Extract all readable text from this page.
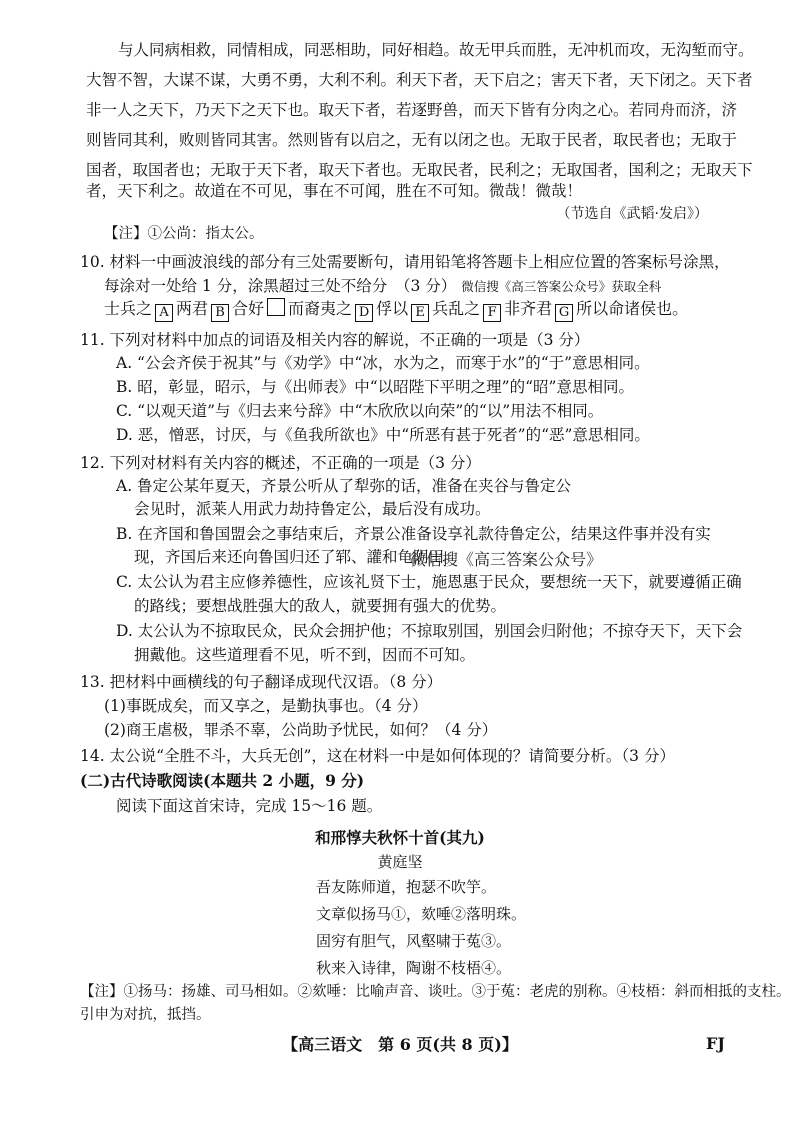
与人同病相救，同情相成，同恶相助，同好相趋。故无甲兵而胜，无冲机而攻，无沟堑而守。
大智不智，大谋不谋，大勇不勇，大利不利。利天下者，天下启之；害天下者，天下闭之。天下者
非一人之天下，乃天下之天下也。取天下者，若逐野兽，而天下皆有分肉之心。若同舟而济，济
则皆同其利，败则皆同其害。然则皆有以启之，无有以闭之也。无取于民者，取民者也；无取于
国者，取国者也；无取于天下者，取天下者也。无取民者，民利之；无取国者，国利之；无取天下
者，天下利之。故道在不可见，事在不可闻，胜在不可知。微哉！微哉！
（节选自《武韬·发启》）
【注】①公尚：指太公。
10. 材料一中画波浪线的部分有三处需要断句，请用铅笔将答题卡上相应位置的答案标号涂黑，
每涂对一处给 1 分，涂黑超过三处不给分　（3 分） 微信搜《高三答案公众号》获取全科
士兵之 A 两君 B 合好 而裔夷之 D 俘以 E 兵乱之 F 非齐君 G 所以命诸侯也。
11. 下列对材料中加点的词语及相关内容的解说，不正确的一项是（3 分）
A. “公会齐侯于祝其”与《劝学》中“冰，水为之，而寒于水”的“于”意思相同。
B. 昭，彰显，昭示，与《出师表》中“以昭陛下平明之理”的“昭”意思相同。
C. “以观天道”与《归去来兮辞》中“木欣欣以向荣”的“以”用法不相同。
D. 恶，憎恶，讨厌，与《鱼我所欲也》中“所恶有甚于死者”的“恶”意思相同。
12. 下列对材料有关内容的概述，不正确的一项是（3 分）
A. 鲁定公某年夏天，齐景公听从了犁弥的话，准备在夹谷与鲁定公
会见时，派莱人用武力劫持鲁定公，最后没有成功。
B. 在齐国和鲁国盟会之事结束后，齐景公准备设享礼款待鲁定公，结果这件事并没有实
现，齐国后来还向鲁国归还了郓、讙和龟阴田。
微信搜《高三答案公众号》
C. 太公认为君主应修养德性，应该礼贤下士，施恩惠于民众，要想统一天下，就要遵循正确
的路线；要想战胜强大的敌人，就要拥有强大的优势。
D. 太公认为不掠取民众，民众会拥护他；不掠取别国，别国会归附他；不掠夺天下，天下会
拥戴他。这些道理看不见，听不到，因而不可知。
13. 把材料中画横线的句子翻译成现代汉语。（8 分）
(1)事既成矣，而又享之，是勤执事也。（4 分）
(2)商王虐极，罪杀不辜，公尚助予忧民，如何？（4 分）
14. 太公说“全胜不斗，大兵无创”，这在材料一中是如何体现的？请简要分析。（3 分）
(二)古代诗歌阅读(本题共 2 小题，9 分)
阅读下面这首宋诗，完成 15～16 题。
和邢惇夫秋怀十首(其九)
黄庭坚
吾友陈师道，抱瑟不吹竽。
文章似扬马①，欬唾②落明珠。
固穷有胆气，风壑啸于菟③。
秋来入诗律，陶谢不枝梧④。
【注】①扬马：扬雄、司马相如。②欬唾：比喻声音、谈吐。③于菟：老虎的别称。④枝梧：斜而相抵的支柱。
引申为对抗，抵挡。
【高三语文　第 6 页(共 8 页)】	FJ
